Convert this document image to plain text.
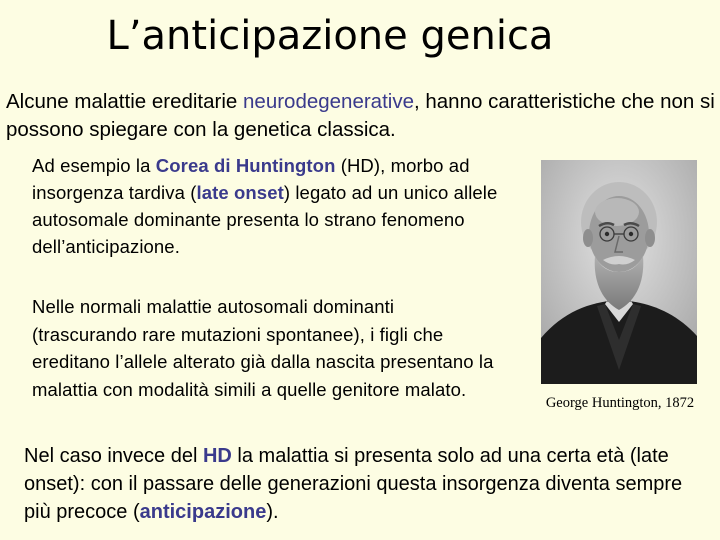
L’anticipazione genica

Alcune malattie ereditarie neurodegenerative, hanno caratteristiche che non si possono spiegare con la genetica classica.

Ad esempio la Corea di Huntington (HD), morbo ad insorgenza tardiva (late onset) legato ad un unico allele autosomale dominante presenta lo strano fenomeno dell’anticipazione.

Nelle normali malattie autosomali dominanti (trascurando rare mutazioni spontanee), i figli che ereditano l’allele alterato già dalla nascita presentano la malattia con modalità simili a quelle genitore malato.

George Huntington, 1872

Nel caso invece del HD la malattia si presenta solo ad una certa età (late onset): con il passare delle generazioni questa insorgenza diventa sempre più precoce (anticipazione).
